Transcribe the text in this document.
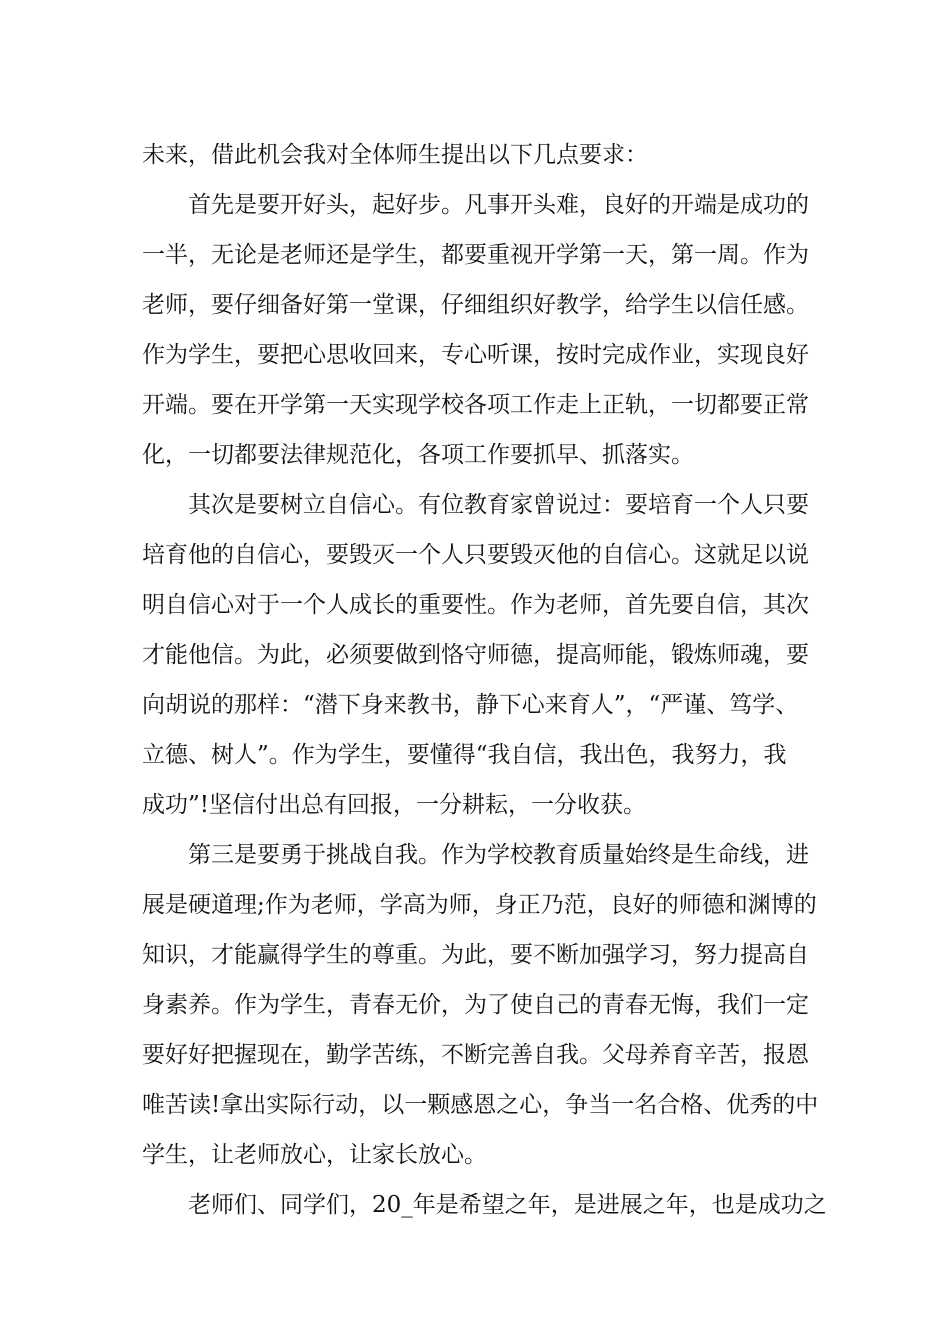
未来，借此机会我对全体师生提出以下几点要求：
首先是要开好头，起好步。凡事开头难，良好的开端是成功的
一半，无论是老师还是学生，都要重视开学第一天，第一周。作为
老师，要仔细备好第一堂课，仔细组织好教学，给学生以信任感。
作为学生，要把心思收回来，专心听课，按时完成作业，实现良好
开端。要在开学第一天实现学校各项工作走上正轨，一切都要正常
化，一切都要法律规范化，各项工作要抓早、抓落实。
其次是要树立自信心。有位教育家曾说过：要培育一个人只要
培育他的自信心，要毁灭一个人只要毁灭他的自信心。这就足以说
明自信心对于一个人成长的重要性。作为老师，首先要自信，其次
才能他信。为此，必须要做到恪守师德，提高师能，锻炼师魂，要
向胡说的那样：“潜下身来教书，静下心来育人”，“严谨、笃学、
立德、树人”。作为学生，要懂得“我自信，我出色，我努力，我
成功”!坚信付出总有回报，一分耕耘，一分收获。
第三是要勇于挑战自我。作为学校教育质量始终是生命线，进
展是硬道理;作为老师，学高为师，身正乃范，良好的师德和渊博的
知识，才能赢得学生的尊重。为此，要不断加强学习，努力提高自
身素养。作为学生，青春无价，为了使自己的青春无悔，我们一定
要好好把握现在，勤学苦练，不断完善自我。父母养育辛苦，报恩
唯苦读!拿出实际行动，以一颗感恩之心，争当一名合格、优秀的中
学生，让老师放心，让家长放心。
老师们、同学们，20_年是希望之年，是进展之年，也是成功之
